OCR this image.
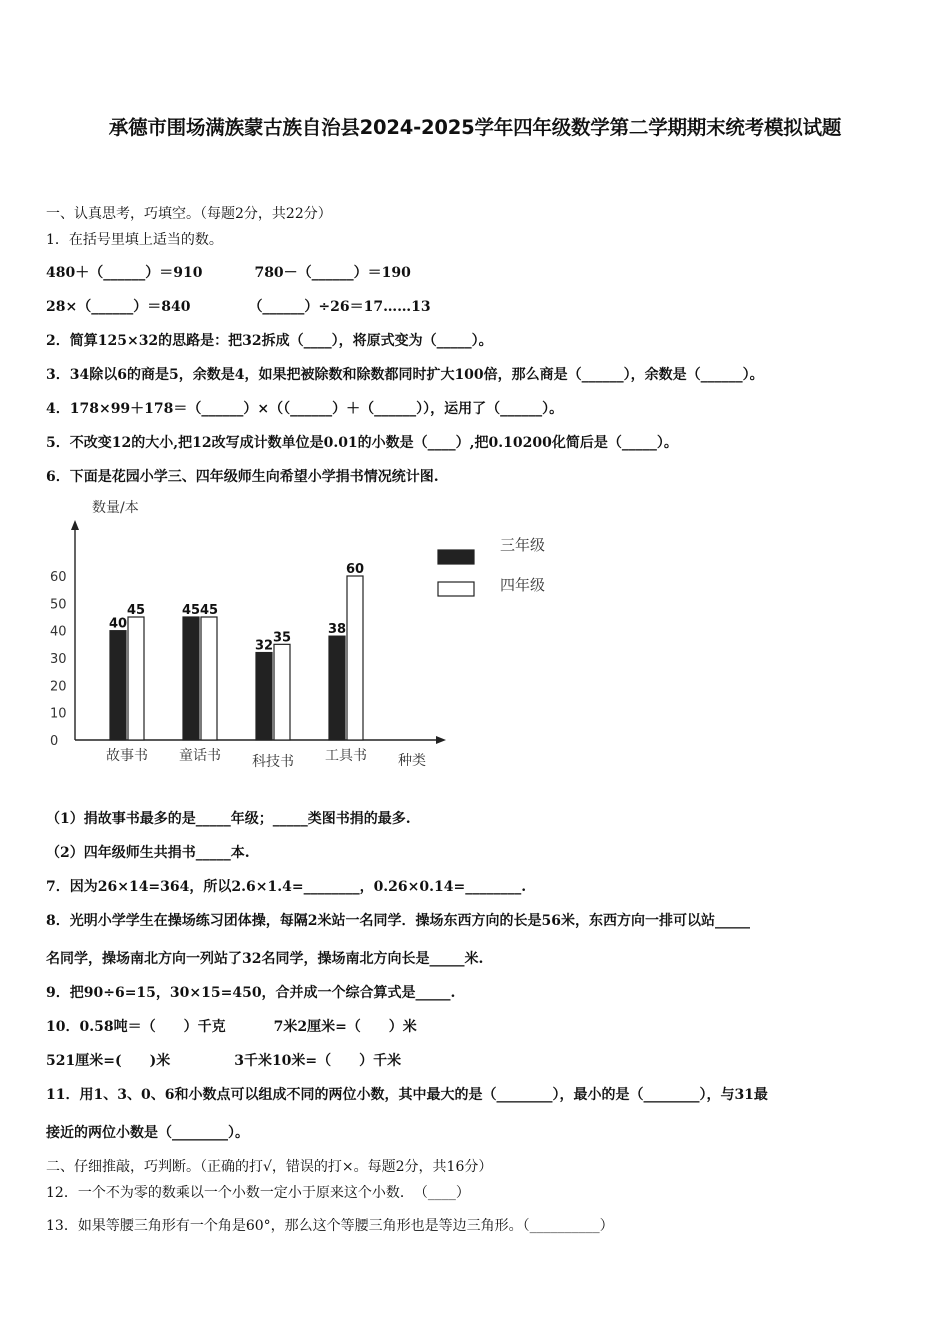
承德市围场满族蒙古族自治县2024-2025学年四年级数学第二学期期末统考模拟试题
一、认真思考，巧填空。（每题2分，共22分）
1．在括号里填上适当的数。
480＋（______）＝910	780－（______）＝190
28×（______）＝840	（______）÷26＝17……13
2．简算125×32的思路是：把32拆成（____），将原式变为（_____）。
3．34除以6的商是5，余数是4，如果把被除数和除数都同时扩大100倍，那么商是（______），余数是（______）。
4．178×99＋178＝（______）×（（______）＋（______）），运用了（______）。
5．不改变12的大小,把12改写成计数单位是0.01的小数是（____）,把0.10200化简后是（_____）。
6．下面是花园小学三、四年级师生向希望小学捐书情况统计图.
数量/本
种类
0
10
20
30
40
50
60
40
45	45 45
32
35
38
60
故事书 童话书 科技书 工具书
三年级
四年级
（1）捐故事书最多的是_____年级；_____类图书捐的最多.
（2）四年级师生共捐书_____本.
7．因为26×14=364，所以2.6×1.4=________，0.26×0.14=________.
8．光明小学学生在操场练习团体操，每隔2米站一名同学．操场东西方向的长是56米，东西方向一排可以站_____
名同学，操场南北方向一列站了32名同学，操场南北方向长是_____米.
9．把90÷6=15，30×15=450，合并成一个综合算式是_____.
10．0.58吨＝（　　）千克	7米2厘米=（　　）米
521厘米=(　　)米	3千米10米=（　　）千米
11．用1、3、0、6和小数点可以组成不同的两位小数，其中最大的是（________），最小的是（________），与31最
接近的两位小数是（________）。
二、仔细推敲，巧判断。（正确的打√，错误的打×。每题2分，共16分）
12．一个不为零的数乘以一个小数一定小于原来这个小数．　（____）
13．如果等腰三角形有一个角是60°，那么这个等腰三角形也是等边三角形。（__________）
